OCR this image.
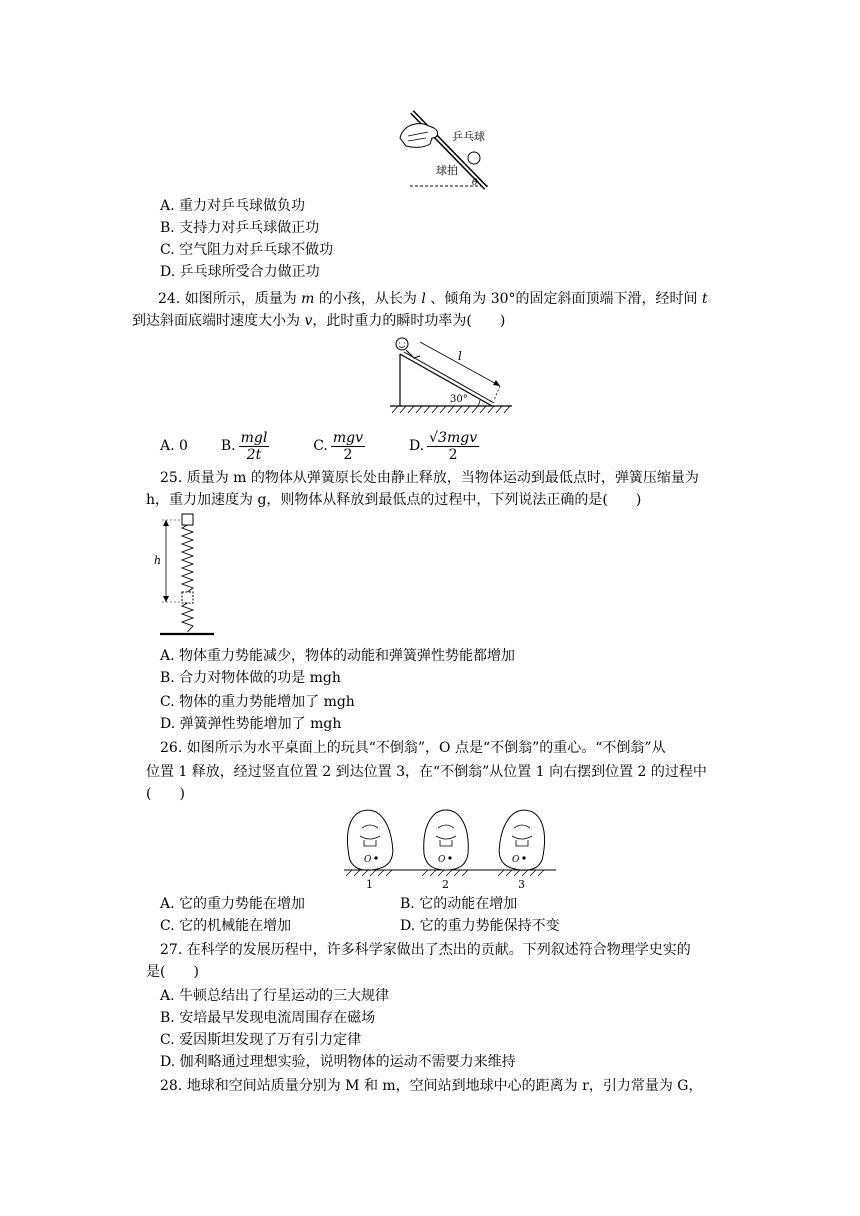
乒乓球
球拍
θ
A. 重力对乒乓球做负功
B. 支持力对乒乓球做正功
C. 空气阻力对乒乓球不做功
D. 乒乓球所受合力做正功
24. 如图所示，质量为 m 的小孩，从长为 l 、倾角为 30°的固定斜面顶端下滑，经时间 t
到达斜面底端时速度大小为 v，此时重力的瞬时功率为(　　)
l
30°
A. 0 B. $\frac{\text{mgl}}{2t}$	C. $\frac{\text{mgv}}{2}$	D. $\frac{\text{√3mgv}}{2}$
25. 质量为 m 的物体从弹簧原长处由静止释放，当物体运动到最低点时，弹簧压缩量为
h，重力加速度为 g，则物体从释放到最低点的过程中，下列说法正确的是(　　)
h
A. 物体重力势能减少，物体的动能和弹簧弹性势能都增加
B. 合力对物体做的功是 mgh
C. 物体的重力势能增加了 mgh
D. 弹簧弹性势能增加了 mgh
26. 如图所示为水平桌面上的玩具“不倒翁”，O 点是“不倒翁”的重心。“不倒翁”从
位置 1 释放，经过竖直位置 2 到达位置 3，在“不倒翁”从位置 1 向右摆到位置 2 的过程中
(　　)
O	O	O
1	2	3
A. 它的重力势能在增加	B. 它的动能在增加
C. 它的机械能在增加	D. 它的重力势能保持不变
27. 在科学的发展历程中，许多科学家做出了杰出的贡献。下列叙述符合物理学史实的
是(　　)
A. 牛顿总结出了行星运动的三大规律
B. 安培最早发现电流周围存在磁场
C. 爱因斯坦发现了万有引力定律
D. 伽利略通过理想实验，说明物体的运动不需要力来维持
28. 地球和空间站质量分别为 M 和 m，空间站到地球中心的距离为 r，引力常量为 G，
